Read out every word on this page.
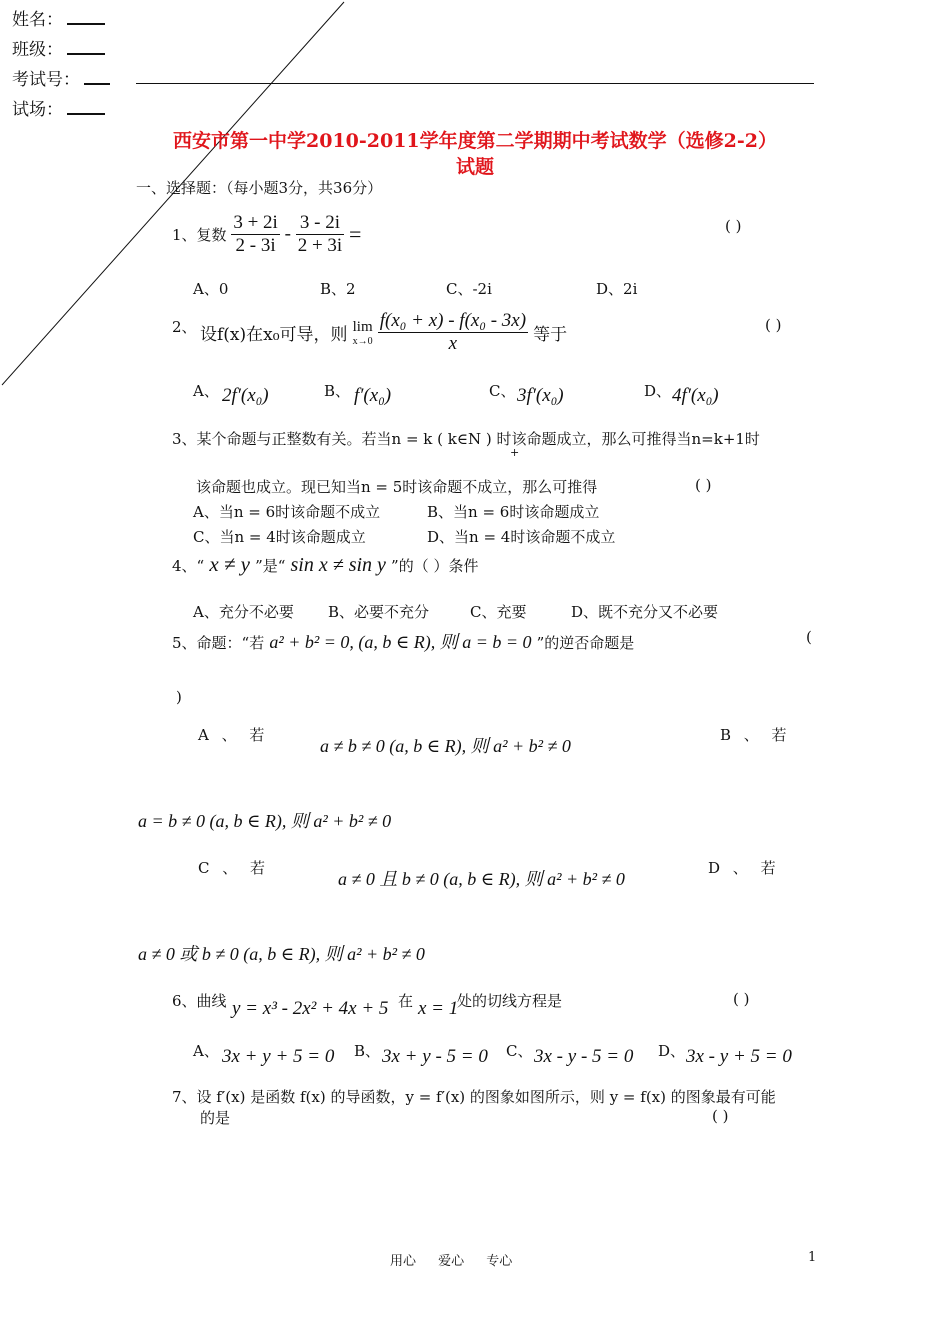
姓名：
班级：
考试号：
试场：
西安市第一中学2010-2011学年度第二学期期中考试数学（选修2-2）
试题
一、选择题：（每小题3分，共36分）
1、复数 $\frac{3 + 2i}{2 - 3i} - \frac{3 - 2i}{2 + 3i}$ =	( )
A、0	B、2	C、-2i	D、2i
2、 设f(x)在x₀可导，则 lim
x→0
$\frac{\text{f(x₀ + x) - f(x₀ - 3x)}}{x}$ 等于	( )
A、 2f′(x₀)	B、 f′(x₀)	C、 3f′(x₀)	D、 4f′(x₀)
3、某个命题与正整数有关。若当n = k ( k∈N ) 时该命题成立，那么可推得当n=k+1时
+
该命题也成立。现已知当n = 5时该命题不成立，那么可推得	( )
A、当n = 6时该命题不成立	B、当n = 6时该命题成立
C、当n = 4时该命题成立	D、当n = 4时该命题不成立
4、“ x ≠ y ”是“ sin x ≠ sin y ”的（ ）条件
A、充分不必要 B、必要不充分	C、充要	D、既不充分又不必要
5、命题：“若 a² + b² = 0, (a, b ∈ R), 则 a = b = 0 ”的逆否命题是	(
)
A 、 若
a ≠ b ≠ 0 (a, b ∈ R), 则 a² + b² ≠ 0
B 、 若
a = b ≠ 0 (a, b ∈ R), 则 a² + b² ≠ 0
C 、 若
a ≠ 0 且 b ≠ 0 (a, b ∈ R), 则 a² + b² ≠ 0
D 、 若
a ≠ 0 或 b ≠ 0 (a, b ∈ R), 则 a² + b² ≠ 0
6、曲线 y = x³ - 2x² + 4x + 5 在 x = 1
处的切线方程是	( )
A、 3x + y + 5 = 0 B、 3x + y - 5 = 0 C、 3x - y - 5 = 0 D、 3x - y + 5 = 0
7、设 f′(x) 是函数 f(x) 的导函数，y = f′(x) 的图象如图所示，则 y = f(x) 的图象最有可能
的是	( )
用心 爱心 专心	1
